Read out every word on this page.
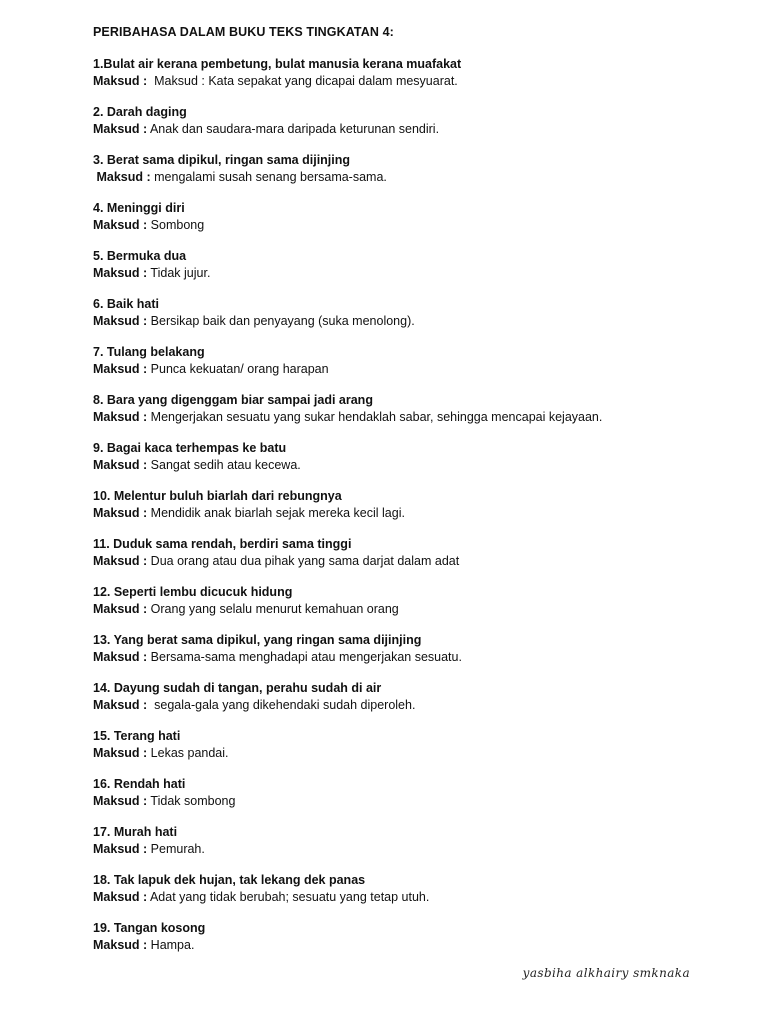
PERIBAHASA DALAM BUKU TEKS TINGKATAN 4:
1.Bulat air kerana pembetung, bulat manusia kerana muafakat
Maksud :  Maksud : Kata sepakat yang dicapai dalam mesyuarat.
2. Darah daging
Maksud : Anak dan saudara-mara daripada keturunan sendiri.
3. Berat sama dipikul, ringan sama dijinjing
Maksud : mengalami susah senang bersama-sama.
4. Meninggi diri
Maksud : Sombong
5. Bermuka dua
Maksud : Tidak jujur.
6. Baik hati
Maksud : Bersikap baik dan penyayang (suka menolong).
7. Tulang belakang
Maksud : Punca kekuatan/ orang harapan
8. Bara yang digenggam biar sampai jadi arang
Maksud : Mengerjakan sesuatu yang sukar hendaklah sabar, sehingga mencapai kejayaan.
9. Bagai kaca terhempas ke batu
Maksud : Sangat sedih atau kecewa.
10. Melentur buluh biarlah dari rebungnya
Maksud : Mendidik anak biarlah sejak mereka kecil lagi.
11. Duduk sama rendah, berdiri sama tinggi
Maksud : Dua orang atau dua pihak yang sama darjat dalam adat
12. Seperti lembu dicucuk hidung
Maksud : Orang yang selalu menurut kemahuan orang
13. Yang berat sama dipikul, yang ringan sama dijinjing
Maksud : Bersama-sama menghadapi atau mengerjakan sesuatu.
14. Dayung sudah di tangan, perahu sudah di air
Maksud :  segala-gala yang dikehendaki sudah diperoleh.
15. Terang hati
Maksud : Lekas pandai.
16. Rendah hati
Maksud : Tidak sombong
17. Murah hati
Maksud : Pemurah.
18. Tak lapuk dek hujan, tak lekang dek panas
Maksud : Adat yang tidak berubah; sesuatu yang tetap utuh.
19. Tangan kosong
Maksud : Hampa.
yasbiha alkhairy smknaka
